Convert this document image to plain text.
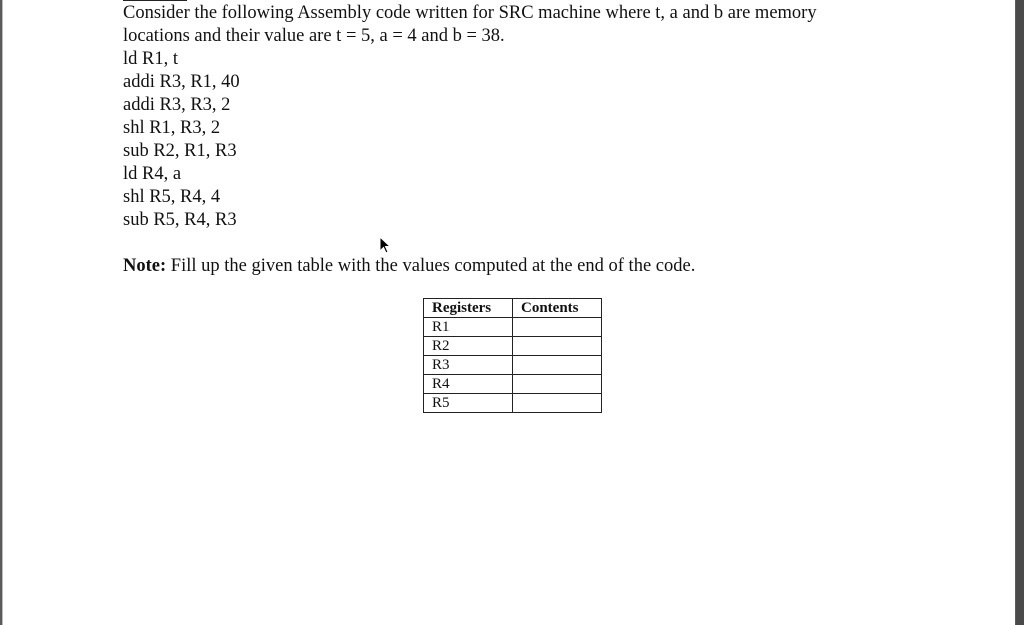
Consider the following Assembly code written for SRC machine where t, a and b are memory
locations and their value are t = 5, a = 4 and b = 38.
ld R1, t
addi R3, R1, 40
addi R3, R3, 2
shl R1, R3, 2
sub R2, R1, R3
ld R4, a
shl R5, R4, 4
sub R5, R4, R3
Note: Fill up the given table with the values computed at the end of the code.
Registers	Contents
R1	
R2	
R3	
R4	
R5	
